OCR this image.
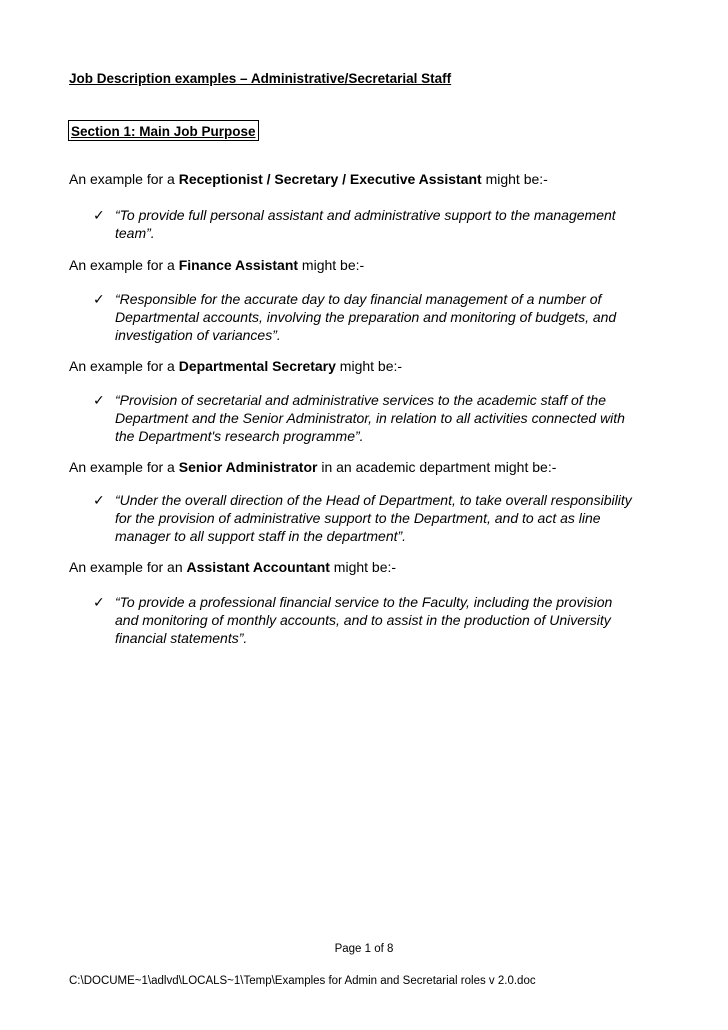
Job Description examples – Administrative/Secretarial Staff
Section 1: Main Job Purpose
An example for a Receptionist / Secretary / Executive Assistant might be:-
✓ “To provide full personal assistant and administrative support to the management
team”.
An example for a Finance Assistant might be:-
✓ “Responsible for the accurate day to day financial management of a number of
Departmental accounts, involving the preparation and monitoring of budgets, and
investigation of variances”.
An example for a Departmental Secretary might be:-
✓ “Provision of secretarial and administrative services to the academic staff of the
Department and the Senior Administrator, in relation to all activities connected with
the Department's research programme”.
An example for a Senior Administrator in an academic department might be:-
✓ “Under the overall direction of the Head of Department, to take overall responsibility
for the provision of administrative support to the Department, and to act as line
manager to all support staff in the department”.
An example for an Assistant Accountant might be:-
✓ “To provide a professional financial service to the Faculty, including the provision
and monitoring of monthly accounts, and to assist in the production of University
financial statements”.
Page 1 of 8
C:\DOCUME~1\adlvd\LOCALS~1\Temp\Examples for Admin and Secretarial roles v 2.0.doc
